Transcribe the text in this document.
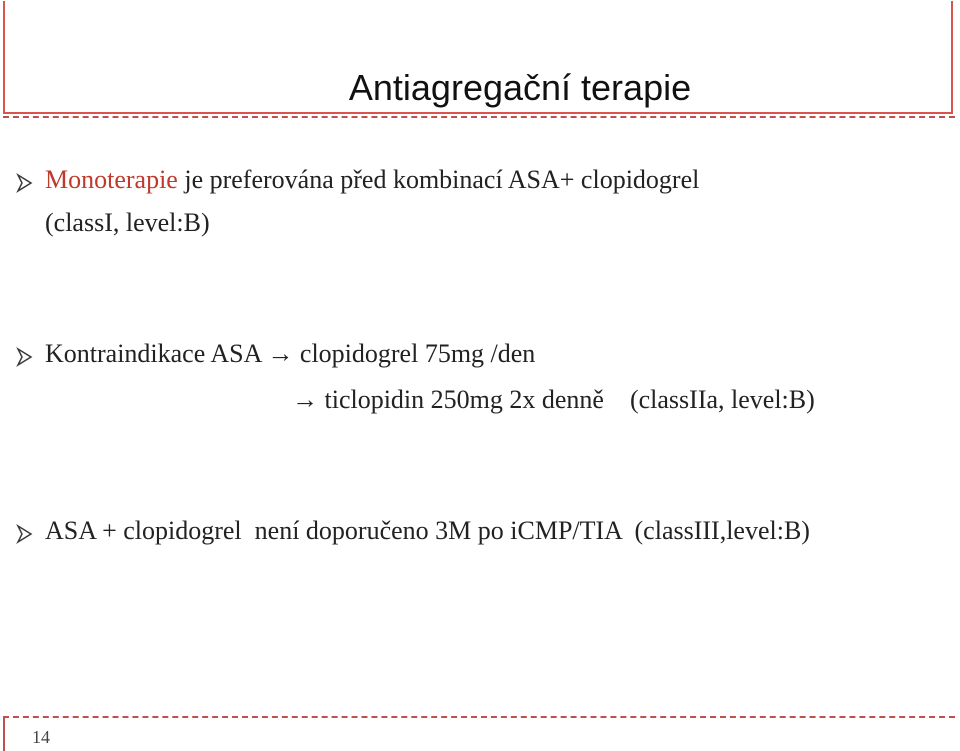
Antiagregační terapie
Monoterapie je preferována před kombinací ASA+ clopidogrel
(classI, level:B)
Kontraindikace ASA → clopidogrel 75mg /den
→ ticlopidin 250mg 2x denně    (classIIa, level:B)
ASA + clopidogrel  není doporučeno 3M po iCMP/TIA  (classIII,level:B)
14
